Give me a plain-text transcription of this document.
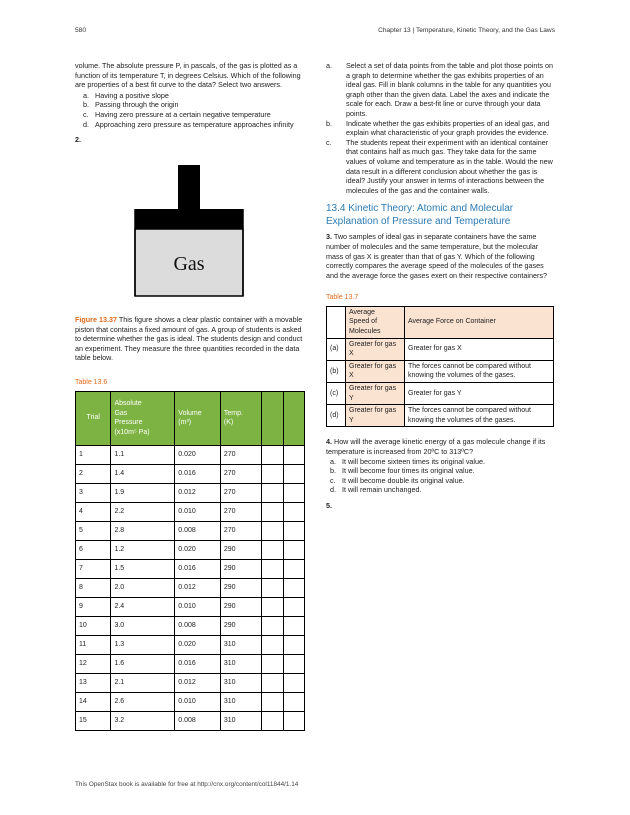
580	Chapter 13 | Temperature, Kinetic Theory, and the Gas Laws

volume. The absolute pressure P, in pascals, of the gas is plotted as a function of its temperature T, in degrees Celsius. Which of the following are properties of a best fit curve to the data? Select two answers.

a. Having a positive slope
b. Passing through the origin
c. Having zero pressure at a certain negative temperature
d. Approaching zero pressure as temperature approaches infinity

2.

Gas

Figure 13.37 This figure shows a clear plastic container with a movable piston that contains a fixed amount of gas. A group of students is asked to determine whether the gas is ideal. The students design and conduct an experiment. They measure the three quantities recorded in the data table below.

Table 13.6
Trial	Absolute
Gas
Pressure
(x10m⁵ Pa)	Volume
(m³)	Temp.
(K)		

1	1.1	0.020	270		
2	1.4	0.016	270		
3	1.9	0.012	270		
4	2.2	0.010	270		
5	2.8	0.008	270		
6	1.2	0.020	290		
7	1.5	0.016	290		
8	2.0	0.012	290		
9	2.4	0.010	290		
10	3.0	0.008	290		
11	1.3	0.020	310		
12	1.6	0.016	310		
13	2.1	0.012	310		
14	2.6	0.010	310		
15	3.2	0.008	310		
a.	Select a set of data points from the table and plot those points on a graph to determine whether the gas exhibits properties of an ideal gas. Fill in blank columns in the table for any quantities you graph other than the given data. Label the axes and indicate the scale for each. Draw a best-fit line or curve through your data points.
b.	Indicate whether the gas exhibits properties of an ideal gas, and explain what characteristic of your graph provides the evidence.
c.	The students repeat their experiment with an identical container that contains half as much gas. They take data for the same values of volume and temperature as in the table. Would the new data result in a different conclusion about whether the gas is ideal? Justify your answer in terms of interactions between the molecules of the gas and the container walls.
13.4 Kinetic Theory: Atomic and Molecular Explanation of Pressure and Temperature

3. Two samples of ideal gas in separate containers have the same number of molecules and the same temperature, but the molecular mass of gas X is greater than that of gas Y. Which of the following correctly compares the average speed of the molecules of the gases and the average force the gases exert on their respective containers?

Table 13.7

	Average
Speed of
Molecules	Average Force on Container
(a)	Greater for gas X	Greater for gas X
(b)	Greater for gas X	The forces cannot be compared without knowing the volumes of the gases.
(c)	Greater for gas Y	Greater for gas Y
(d)	Greater for gas Y	The forces cannot be compared without knowing the volumes of the gases.

4. How will the average kinetic energy of a gas molecule change if its temperature is increased from 20ºC to 313ºC?

a. It will become sixteen times its original value.
b. It will become four times its original value.
c. It will become double its original value.
d. It will remain unchanged.

5.

This OpenStax book is available for free at http://cnx.org/content/col11844/1.14
